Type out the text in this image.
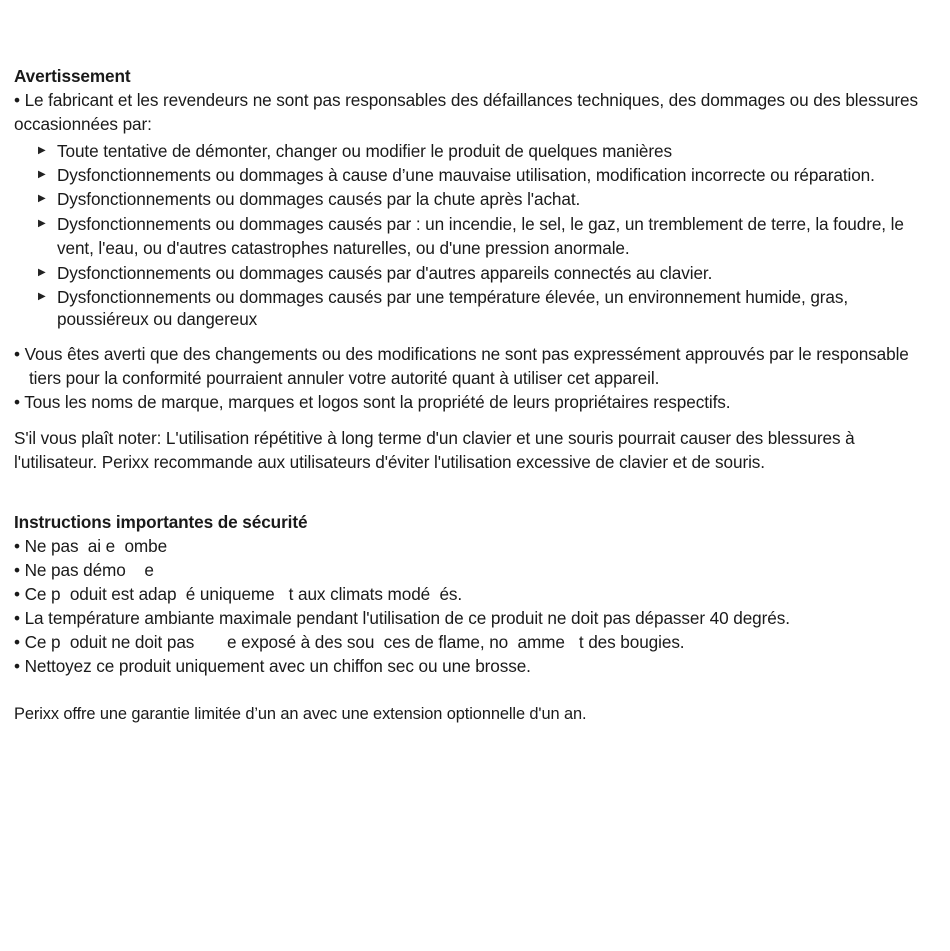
Avertissement

• Le fabricant et les revendeurs ne sont pas responsables des défaillances techniques, des dommages ou des blessures occasionnées par:

▶ Toute tentative de démonter, changer ou modifier le produit de quelques manières
▶ Dysfonctionnements ou dommages à cause d’une mauvaise utilisation, modification incorrecte ou réparation.
▶ Dysfonctionnements ou dommages causés par la chute après l'achat.
▶ Dysfonctionnements ou dommages causés par : un incendie, le sel, le gaz, un tremblement de terre, la foudre, le vent, l'eau, ou d'autres catastrophes naturelles, ou d'une pression anormale.
▶ Dysfonctionnements ou dommages causés par d'autres appareils connectés au clavier.
▶ Dysfonctionnements ou dommages causés par une température élevée, un environnement humide, gras, poussiéreux ou dangereux

• Vous êtes averti que des changements ou des modifications ne sont pas expressément approuvés par le responsable tiers pour la conformité pourraient annuler votre autorité quant à utiliser cet appareil.

• Tous les noms de marque, marques et logos sont la propriété de leurs propriétaires respectifs.

S'il vous plaît noter: L'utilisation répétitive à long terme d'un clavier et une souris pourrait causer des blessures à l'utilisateur. Perixx recommande aux utilisateurs d'éviter l'utilisation excessive de clavier et de souris.

Instructions importantes de sécurité

• Ne pas  ai e  ombe

• Ne pas démo    e

• Ce p  oduit est adap  é uniqueme   t aux climats modé  és.

• La température ambiante maximale pendant l'utilisation de ce produit ne doit pas dépasser 40 degrés.

• Ce p  oduit ne doit pas       e exposé à des sou  ces de flame, no  amme   t des bougies.

• Nettoyez ce produit uniquement avec un chiffon sec ou une brosse.

Perixx offre une garantie limitée d’un an avec une extension optionnelle d'un an.
